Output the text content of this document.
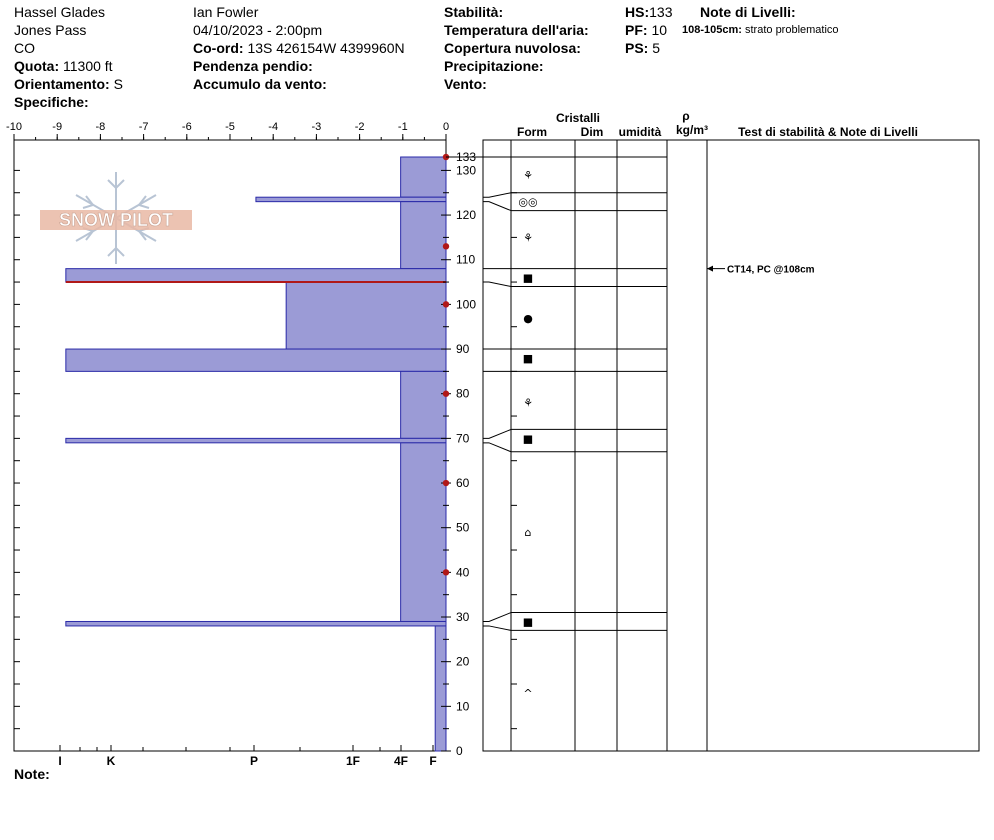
Hassel Glades
Jones Pass
CO
Quota: 11300 ft
Orientamento: S
Specifiche:
Ian Fowler
04/10/2023 - 2:00pm
Co-ord: 13S 426154W 4399960N
Pendenza pendio:
Accumulo da vento:
Stabilità:
Temperatura dell'aria:
Copertura nuvolosa:
Precipitazione:
Vento:
HS:133
PF: 10
PS: 5
Note di Livelli:
108-105cm: strato problematico
Note:
SNOW PILOT
-10	-9	-8	-7	-6	-5	-4	-3	-2	-1	0
0
10
20
30
40
50
60
70
80
90
100
110
120
130
133
I	K	P	1F	4F F
Cristalli
Form	Dim umidità
ρ
kg/m³	Test di stabilità & Note di Livelli
⚘
◎◎
⚘
■
●
■
⚘
■
⌂
■
^
CT14, PC @108cm
